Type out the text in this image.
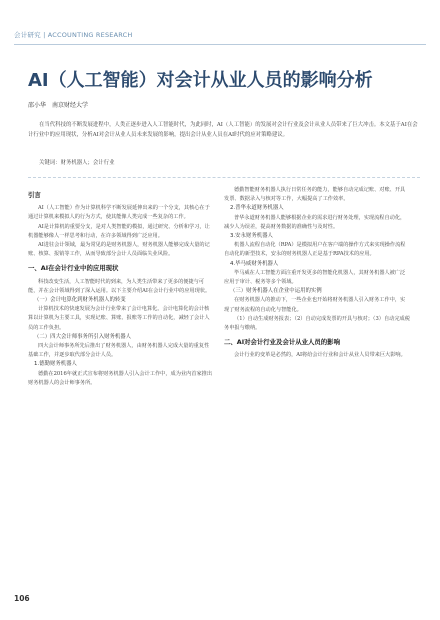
会计研究 | ACCOUNTING RESEARCH
AI（人工智能）对会计从业人员的影响分析
邵小华　南京财经大学
在当代科技的不断发展进程中，人类正逐步进入人工智能时代，为此同时，AI（人工智能）的发展对会计行业及会计从业人员带来了巨大冲击。本文基于AI在会计行业中的应用现状，分析AI对会计从业人员未来发展的影响，提出会计从业人员在AI时代的应对策略建议。
关键词：财务机器人；会计行业

引言

AI（人工智能）作为计算机科学不断发展延伸出来的一个分支，其核心在于通过计算机来模拟人的行为方式，使其能像人类完成一些复杂的工作。

AI是计算机的重要分支，是对人类智能的模拟，通过研究、分析和学习，让机器能够像人一样思考和行动，在许多领域得到广泛应用。

AI进驻会计领域，最为常见的是财务机器人，财务机器人能够完成大量的记账、核算、报销等工作，从而导致部分会计人员面临失业风险。

一、AI在会计行业中的应用现状

科技改变生活，人工智能时代的到来，为人类生活带来了更多的便捷与可能，并在会计领域得到了深入运用。以下主要介绍AI在会计行业中的应用现状。

（一）会计电算化到财务机器人的转变

计算机技术的快速发展为会计行业带来了会计电算化。会计电算化的会计核算以计算机为主要工具，实现记账、算账、报账等工作的自动化，减轻了会计人员的工作负担。

（二）四大会计师事务所引入财务机器人

四大会计师事务所先后推出了财务机器人，由财务机器人完成大量的重复性基础工作，并逐步取代部分会计人员。

1.德勤财务机器人

德勤在2016年就正式宣布将财务机器人引入会计工作中，成为业内首家推出财务机器人的会计师事务所。

德勤智能财务机器人执行日常任务的能力，能够自动完成记账、对账、开具发票、数据录入与核对等工作，大幅提高了工作效率。

2.普华永道财务机器人

普华永道财务机器人能够根据企业的需求进行财务处理，实现流程自动化，减少人为误差，提高财务数据的准确性与及时性。

3.安永财务机器人

机器人流程自动化（RPA）是模拟用户在客户端的操作方式来实现操作流程自动化的新型技术，安永的财务机器人正是基于RPA技术的应用。

4.毕马威财务机器人

毕马威在人工智能方面注重开发更多的智能化机器人，其财务机器人被广泛应用于审计、税务等多个领域。

（三）财务机器人在企业中运用的实例

在财务机器人的推动下，一些企业也开始将财务机器人引入财务工作中，实现了财务流程的自动化与智能化。

（1）自动生成财务报表；（2）自动完成发票的开具与核对；（3）自动完成税务申报与缴纳。

二、AI对会计行业及会计从业人员的影响

会计行业的变革是必然的，AI将给会计行业和会计从业人员带来巨大影响。

106
